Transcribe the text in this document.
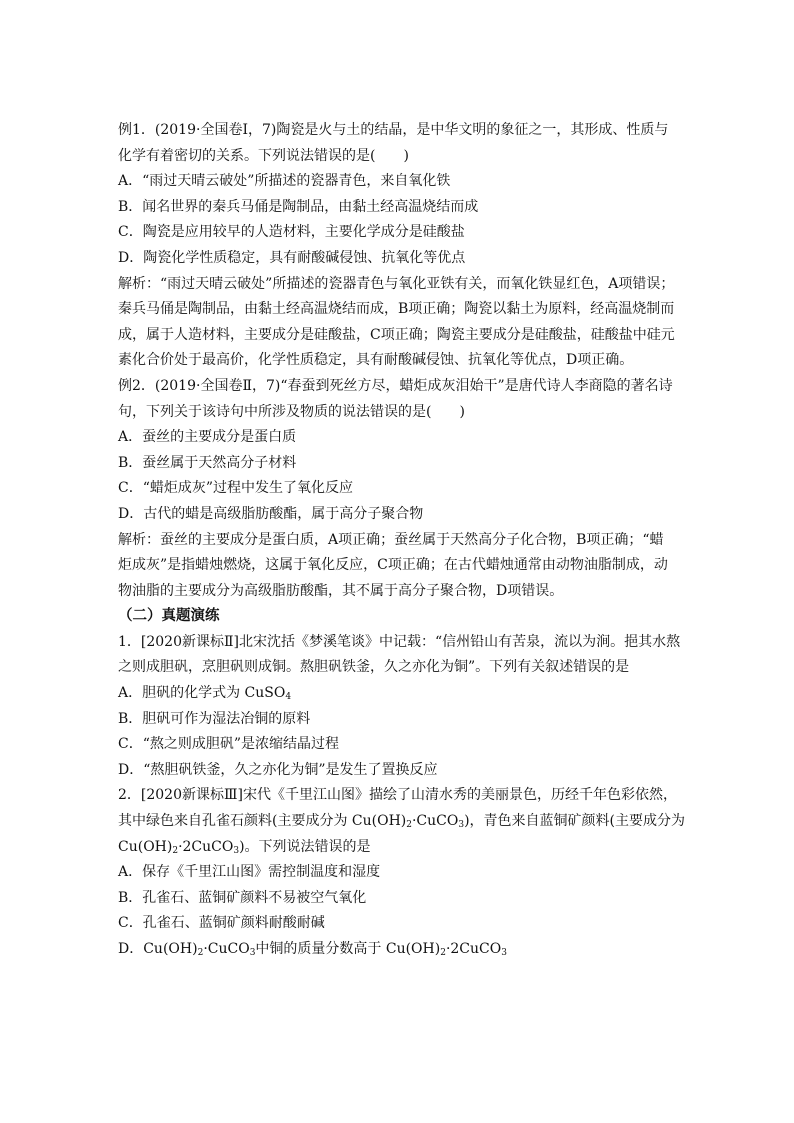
例1．(2019·全国卷Ⅰ，7)陶瓷是火与土的结晶，是中华文明的象征之一，其形成、性质与
化学有着密切的关系。下列说法错误的是(　　)
A．“雨过天晴云破处”所描述的瓷器青色，来自氧化铁
B．闻名世界的秦兵马俑是陶制品，由黏土经高温烧结而成
C．陶瓷是应用较早的人造材料，主要化学成分是硅酸盐
D．陶瓷化学性质稳定，具有耐酸碱侵蚀、抗氧化等优点
解析：“雨过天晴云破处”所描述的瓷器青色与氧化亚铁有关，而氧化铁显红色，A项错误；
秦兵马俑是陶制品，由黏土经高温烧结而成，B项正确；陶瓷以黏土为原料，经高温烧制而
成，属于人造材料，主要成分是硅酸盐，C项正确；陶瓷主要成分是硅酸盐，硅酸盐中硅元
素化合价处于最高价，化学性质稳定，具有耐酸碱侵蚀、抗氧化等优点，D项正确。
例2．(2019·全国卷Ⅱ，7)“春蚕到死丝方尽，蜡炬成灰泪始干”是唐代诗人李商隐的著名诗
句，下列关于该诗句中所涉及物质的说法错误的是(　　)
A．蚕丝的主要成分是蛋白质
B．蚕丝属于天然高分子材料
C．“蜡炬成灰”过程中发生了氧化反应
D．古代的蜡是高级脂肪酸酯，属于高分子聚合物
解析：蚕丝的主要成分是蛋白质，A项正确；蚕丝属于天然高分子化合物，B项正确；“蜡
炬成灰”是指蜡烛燃烧，这属于氧化反应，C项正确；在古代蜡烛通常由动物油脂制成，动
物油脂的主要成分为高级脂肪酸酯，其不属于高分子聚合物，D项错误。
（二）真题演练
1．[2020新课标Ⅱ]北宋沈括《梦溪笔谈》中记载：“信州铅山有苦泉，流以为涧。挹其水熬
之则成胆矾，烹胆矾则成铜。熬胆矾铁釜，久之亦化为铜”。下列有关叙述错误的是
A．胆矾的化学式为 CuSO$_4$
B．胆矾可作为湿法冶铜的原料
C．“熬之则成胆矾”是浓缩结晶过程
D．“熬胆矾铁釜，久之亦化为铜”是发生了置换反应
2．[2020新课标Ⅲ]宋代《千里江山图》描绘了山清水秀的美丽景色，历经千年色彩依然，
其中绿色来自孔雀石颜料(主要成分为 $Cu(OH)_2\cdot CuCO_3$)，青色来自蓝铜矿颜料(主要成分为
$Cu(OH)_2\cdot 2CuCO_3$)。下列说法错误的是
A．保存《千里江山图》需控制温度和湿度
B．孔雀石、蓝铜矿颜料不易被空气氧化
C．孔雀石、蓝铜矿颜料耐酸耐碱
D．$Cu(OH)_2\cdot CuCO_3$中铜的质量分数高于 $Cu(OH)_2\cdot 2CuCO_3$
